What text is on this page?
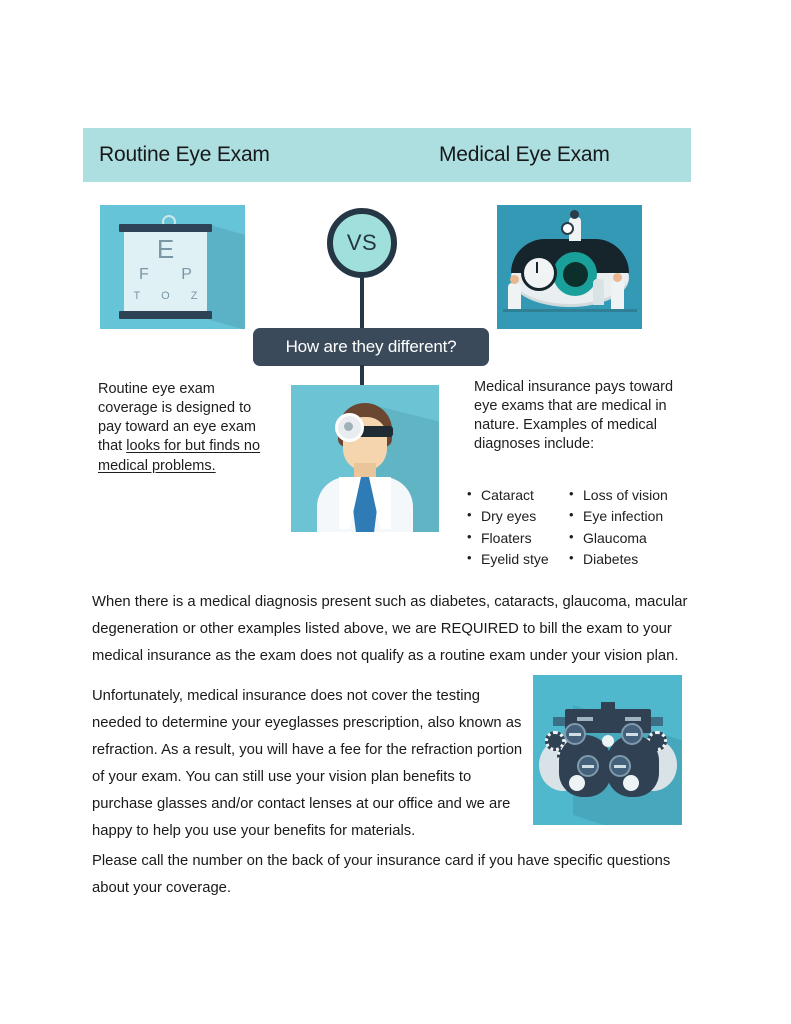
Routine Eye Exam	Medical Eye Exam
E
F P
T O Z
VS
How are they different?
Routine eye exam coverage is designed to pay toward an eye exam that looks for but finds no medical problems.
Medical insurance pays toward eye exams that are medical in nature. Examples of medical diagnoses include:
• Cataract
• Dry eyes
• Floaters
• Eyelid stye
• Loss of vision
• Eye infection
• Glaucoma
• Diabetes
When there is a medical diagnosis present such as diabetes, cataracts, glaucoma, macular degeneration or other examples listed above, we are REQUIRED to bill the exam to your medical insurance as the exam does not qualify as a routine exam under your vision plan.
Unfortunately, medical insurance does not cover the testing needed to determine your eyeglasses prescription, also known as refraction. As a result, you will have a fee for the refraction portion of your exam. You can still use your vision plan benefits to purchase glasses and/or contact lenses at our office and we are happy to help you use your benefits for materials.
Please call the number on the back of your insurance card if you have specific questions about your coverage.
